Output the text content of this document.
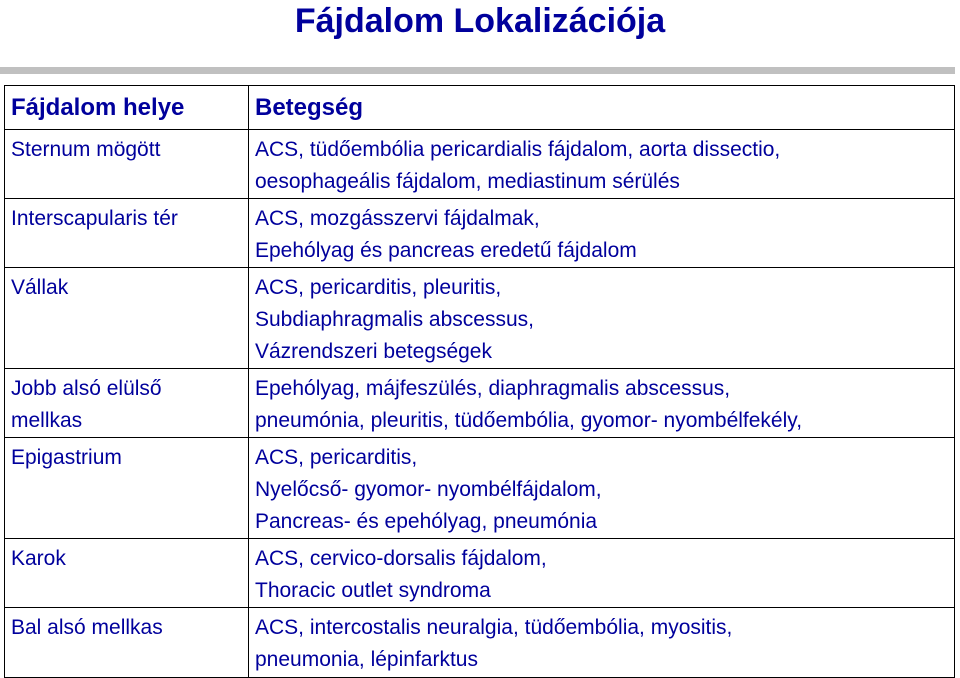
Fájdalom Lokalizációja
Fájdalom helye	Betegség

Sternum mögött	ACS, tüdőembólia pericardialis fájdalom, aorta dissectio,
oesophageális fájdalom, mediastinum sérülés

Interscapularis tér	ACS, mozgásszervi fájdalmak,
Epehólyag és pancreas eredetű fájdalom

Vállak	ACS, pericarditis, pleuritis,
Subdiaphragmalis abscessus,
Vázrendszeri betegségek

Jobb alsó elülső
mellkas	Epehólyag, májfeszülés, diaphragmalis abscessus,
pneumónia, pleuritis, tüdőembólia, gyomor- nyombélfekély,

Epigastrium	ACS, pericarditis,
Nyelőcső- gyomor- nyombélfájdalom,
Pancreas- és epehólyag, pneumónia

Karok	ACS, cervico-dorsalis fájdalom,
Thoracic outlet syndroma

Bal alsó mellkas	ACS, intercostalis neuralgia, tüdőembólia, myositis,
pneumonia, lépinfarktus
